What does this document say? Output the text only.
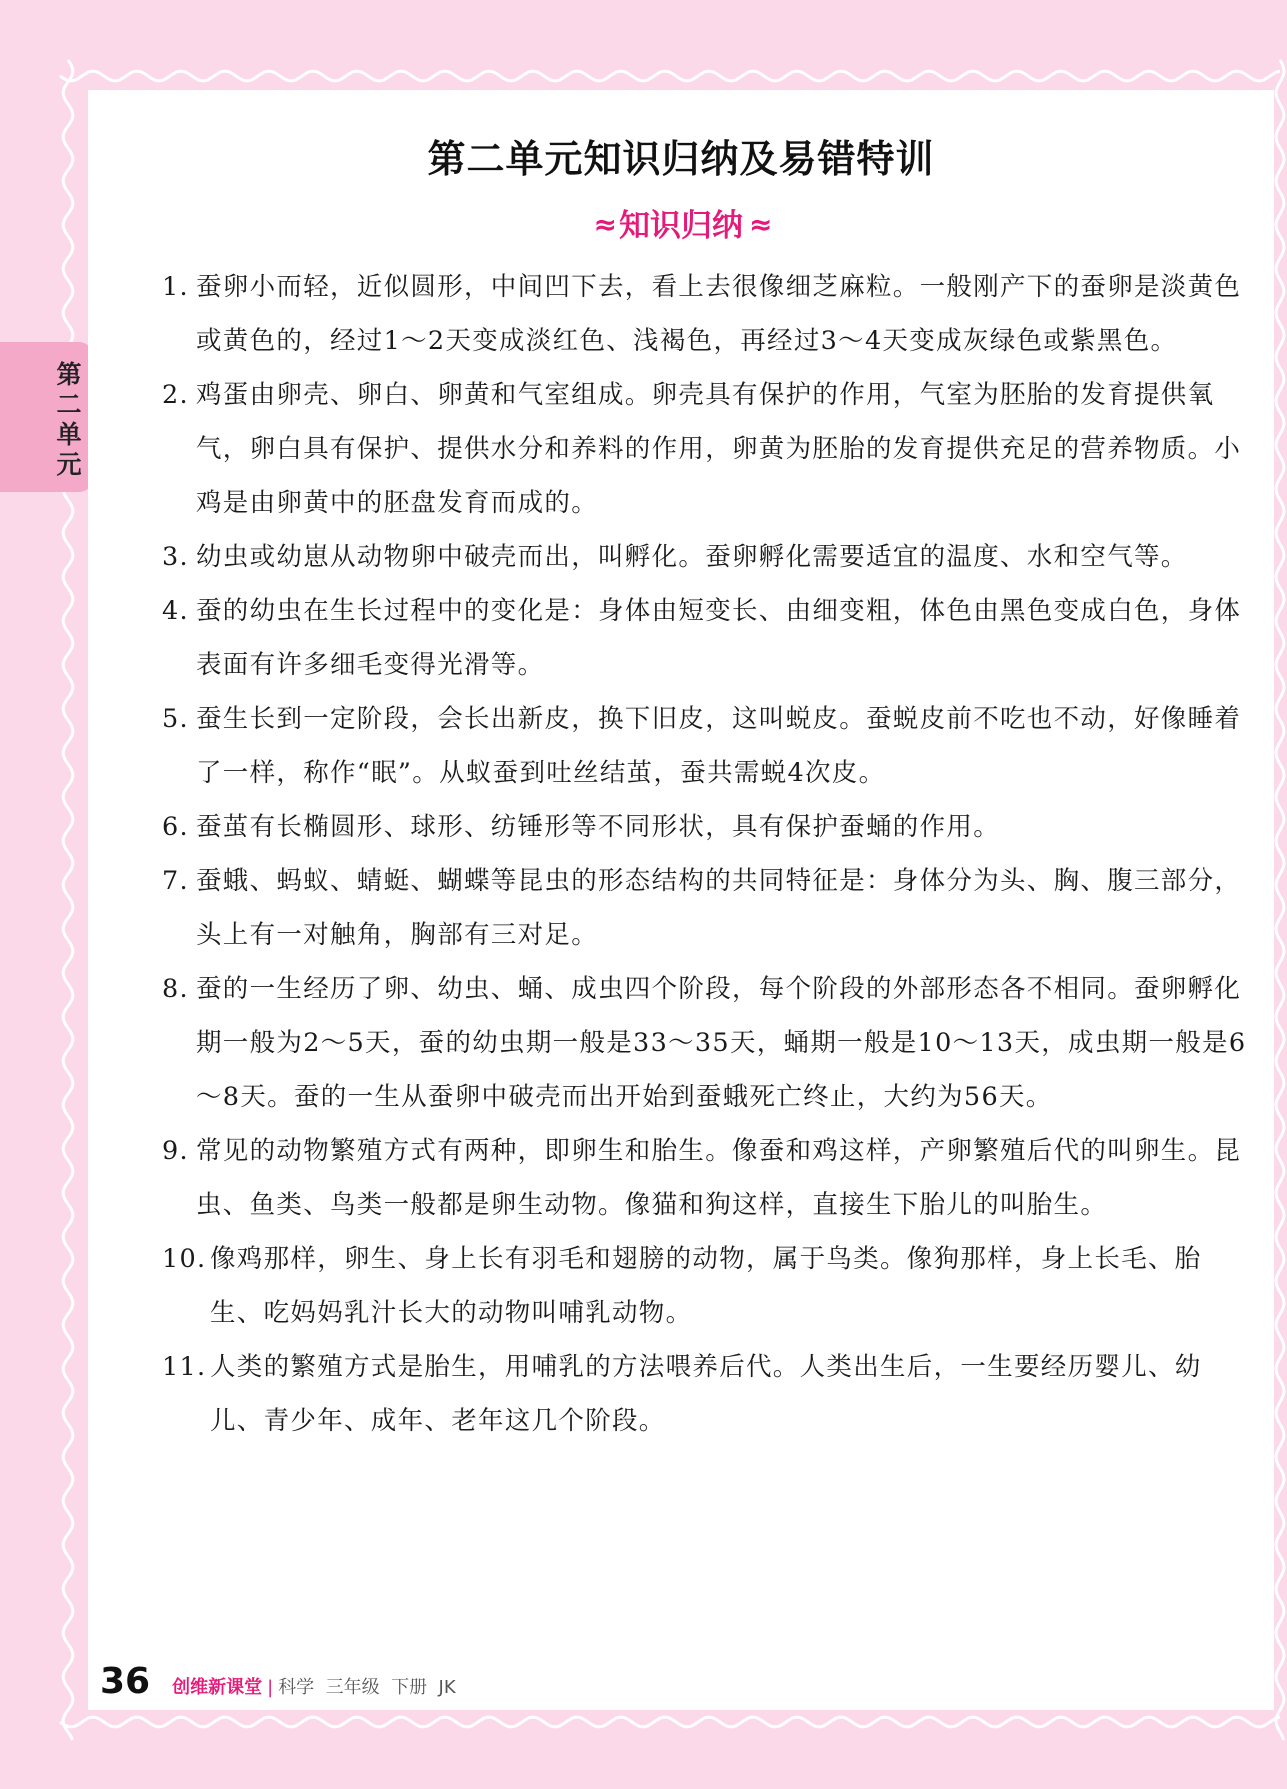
第二单元
第二单元知识归纳及易错特训
≈ 知识归纳 ≈
1. 蚕卵小而轻，近似圆形，中间凹下去，看上去很像细芝麻粒。一般刚产下的蚕卵是淡黄色或黄色的，经过1～2天变成淡红色、浅褐色，再经过3～4天变成灰绿色或紫黑色。
2. 鸡蛋由卵壳、卵白、卵黄和气室组成。卵壳具有保护的作用，气室为胚胎的发育提供氧气，卵白具有保护、提供水分和养料的作用，卵黄为胚胎的发育提供充足的营养物质。小鸡是由卵黄中的胚盘发育而成的。
3. 幼虫或幼崽从动物卵中破壳而出，叫孵化。蚕卵孵化需要适宜的温度、水和空气等。
4. 蚕的幼虫在生长过程中的变化是：身体由短变长、由细变粗，体色由黑色变成白色，身体表面有许多细毛变得光滑等。
5. 蚕生长到一定阶段，会长出新皮，换下旧皮，这叫蜕皮。蚕蜕皮前不吃也不动，好像睡着了一样，称作“眠”。从蚁蚕到吐丝结茧，蚕共需蜕4次皮。
6. 蚕茧有长椭圆形、球形、纺锤形等不同形状，具有保护蚕蛹的作用。
7. 蚕蛾、蚂蚁、蜻蜓、蝴蝶等昆虫的形态结构的共同特征是：身体分为头、胸、腹三部分，头上有一对触角，胸部有三对足。
8. 蚕的一生经历了卵、幼虫、蛹、成虫四个阶段，每个阶段的外部形态各不相同。蚕卵孵化期一般为2～5天，蚕的幼虫期一般是33～35天，蛹期一般是10～13天，成虫期一般是6～8天。蚕的一生从蚕卵中破壳而出开始到蚕蛾死亡终止，大约为56天。
9. 常见的动物繁殖方式有两种，即卵生和胎生。像蚕和鸡这样，产卵繁殖后代的叫卵生。昆虫、鱼类、鸟类一般都是卵生动物。像猫和狗这样，直接生下胎儿的叫胎生。
10. 像鸡那样，卵生、身上长有羽毛和翅膀的动物，属于鸟类。像狗那样，身上长毛、胎生、吃妈妈乳汁长大的动物叫哺乳动物。
11. 人类的繁殖方式是胎生，用哺乳的方法喂养后代。人类出生后，一生要经历婴儿、幼儿、青少年、成年、老年这几个阶段。
36 创维新课堂 | 科学  三年级  下册  JK
